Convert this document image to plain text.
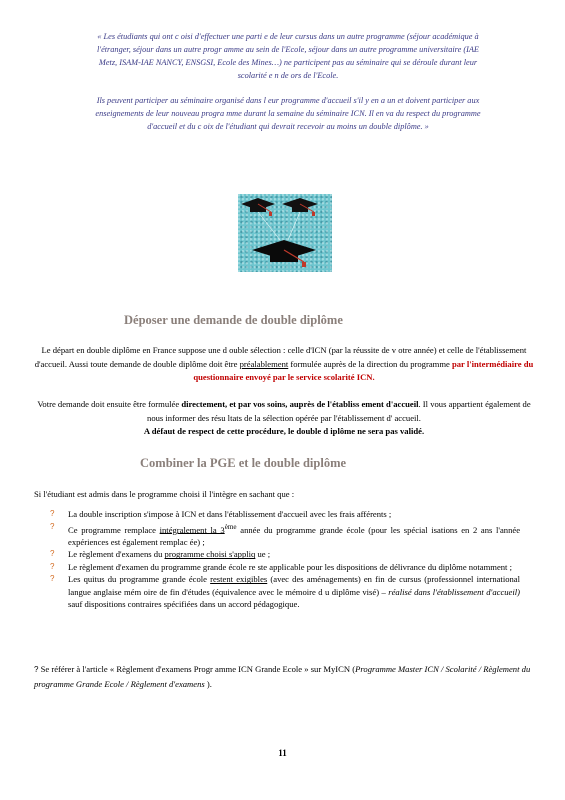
« Les étudiants qui ont c oisi d'effectuer une parti e de leur cursus dans un autre programme (séjour académique à l'étranger, séjour dans un autre progr amme au sein de l'Ecole, séjour dans un autre programme universitaire (IAE Metz, ISAM-IAE NANCY, ENSGSI, Ecole des Mines…) ne participent pas au séminaire qui se déroule durant leur scolarité e n de ors de l'Ecole.

Ils peuvent participer au séminaire organisé dans l eur programme d'accueil s'il y en a un et doivent participer aux enseignements de leur nouveau progra mme durant la semaine du séminaire ICN. Il en va du respect du programme d'accueil et du c oix de l'étudiant qui devrait recevoir au moins un double diplôme. »

Déposer une demande de double diplôme

Le départ en double diplôme en France suppose une d ouble sélection : celle d'ICN (par la réussite de v otre année) et celle de l'établissement d'accueil. Aussi toute demande de double diplôme doit être préalablement formulée auprès de la direction du programme par l'intermédiaire du questionnaire envoyé par le service scolarité ICN.

Votre demande doit ensuite être formulée directement, et par vos soins, auprès de l'établiss ement d'accueil. Il vous appartient également de nous informer des résu ltats de la sélection opérée par l'établissement d' accueil.
A défaut de respect de cette procédure, le double d iplôme ne sera pas validé.

Combiner la PGE et le double diplôme

Si l'étudiant est admis dans le programme choisi il l'intègre en sachant que :

? La double inscription s'impose à ICN et dans l'établissement d'accueil avec les frais afférents ;
? Ce programme remplace intégralement la 3ème année du programme grande école (pour les spécial isations en 2 ans l'année expériences est également remplac ée) ;
? Le règlement d'examens du programme choisi s'appliq ue ;
? Le règlement d'examen du programme grande école re ste applicable pour les dispositions de délivrance du diplôme notamment ;
? Les quitus du programme grande école restent exigibles (avec des aménagements) en fin de cursus (professionnel international langue anglaise mém oire de fin d'études (équivalence avec le mémoire d u diplôme visé) – réalisé dans l'établissement d'accueil) sauf dispositions contraires spécifiées dans un accord pédagogique.

? Se référer à l'article « Règlement d'examens Progr amme ICN Grande Ecole » sur MyICN (Programme Master ICN / Scolarité / Règlement du programme Grande Ecole / Règlement d'examens ).

11
